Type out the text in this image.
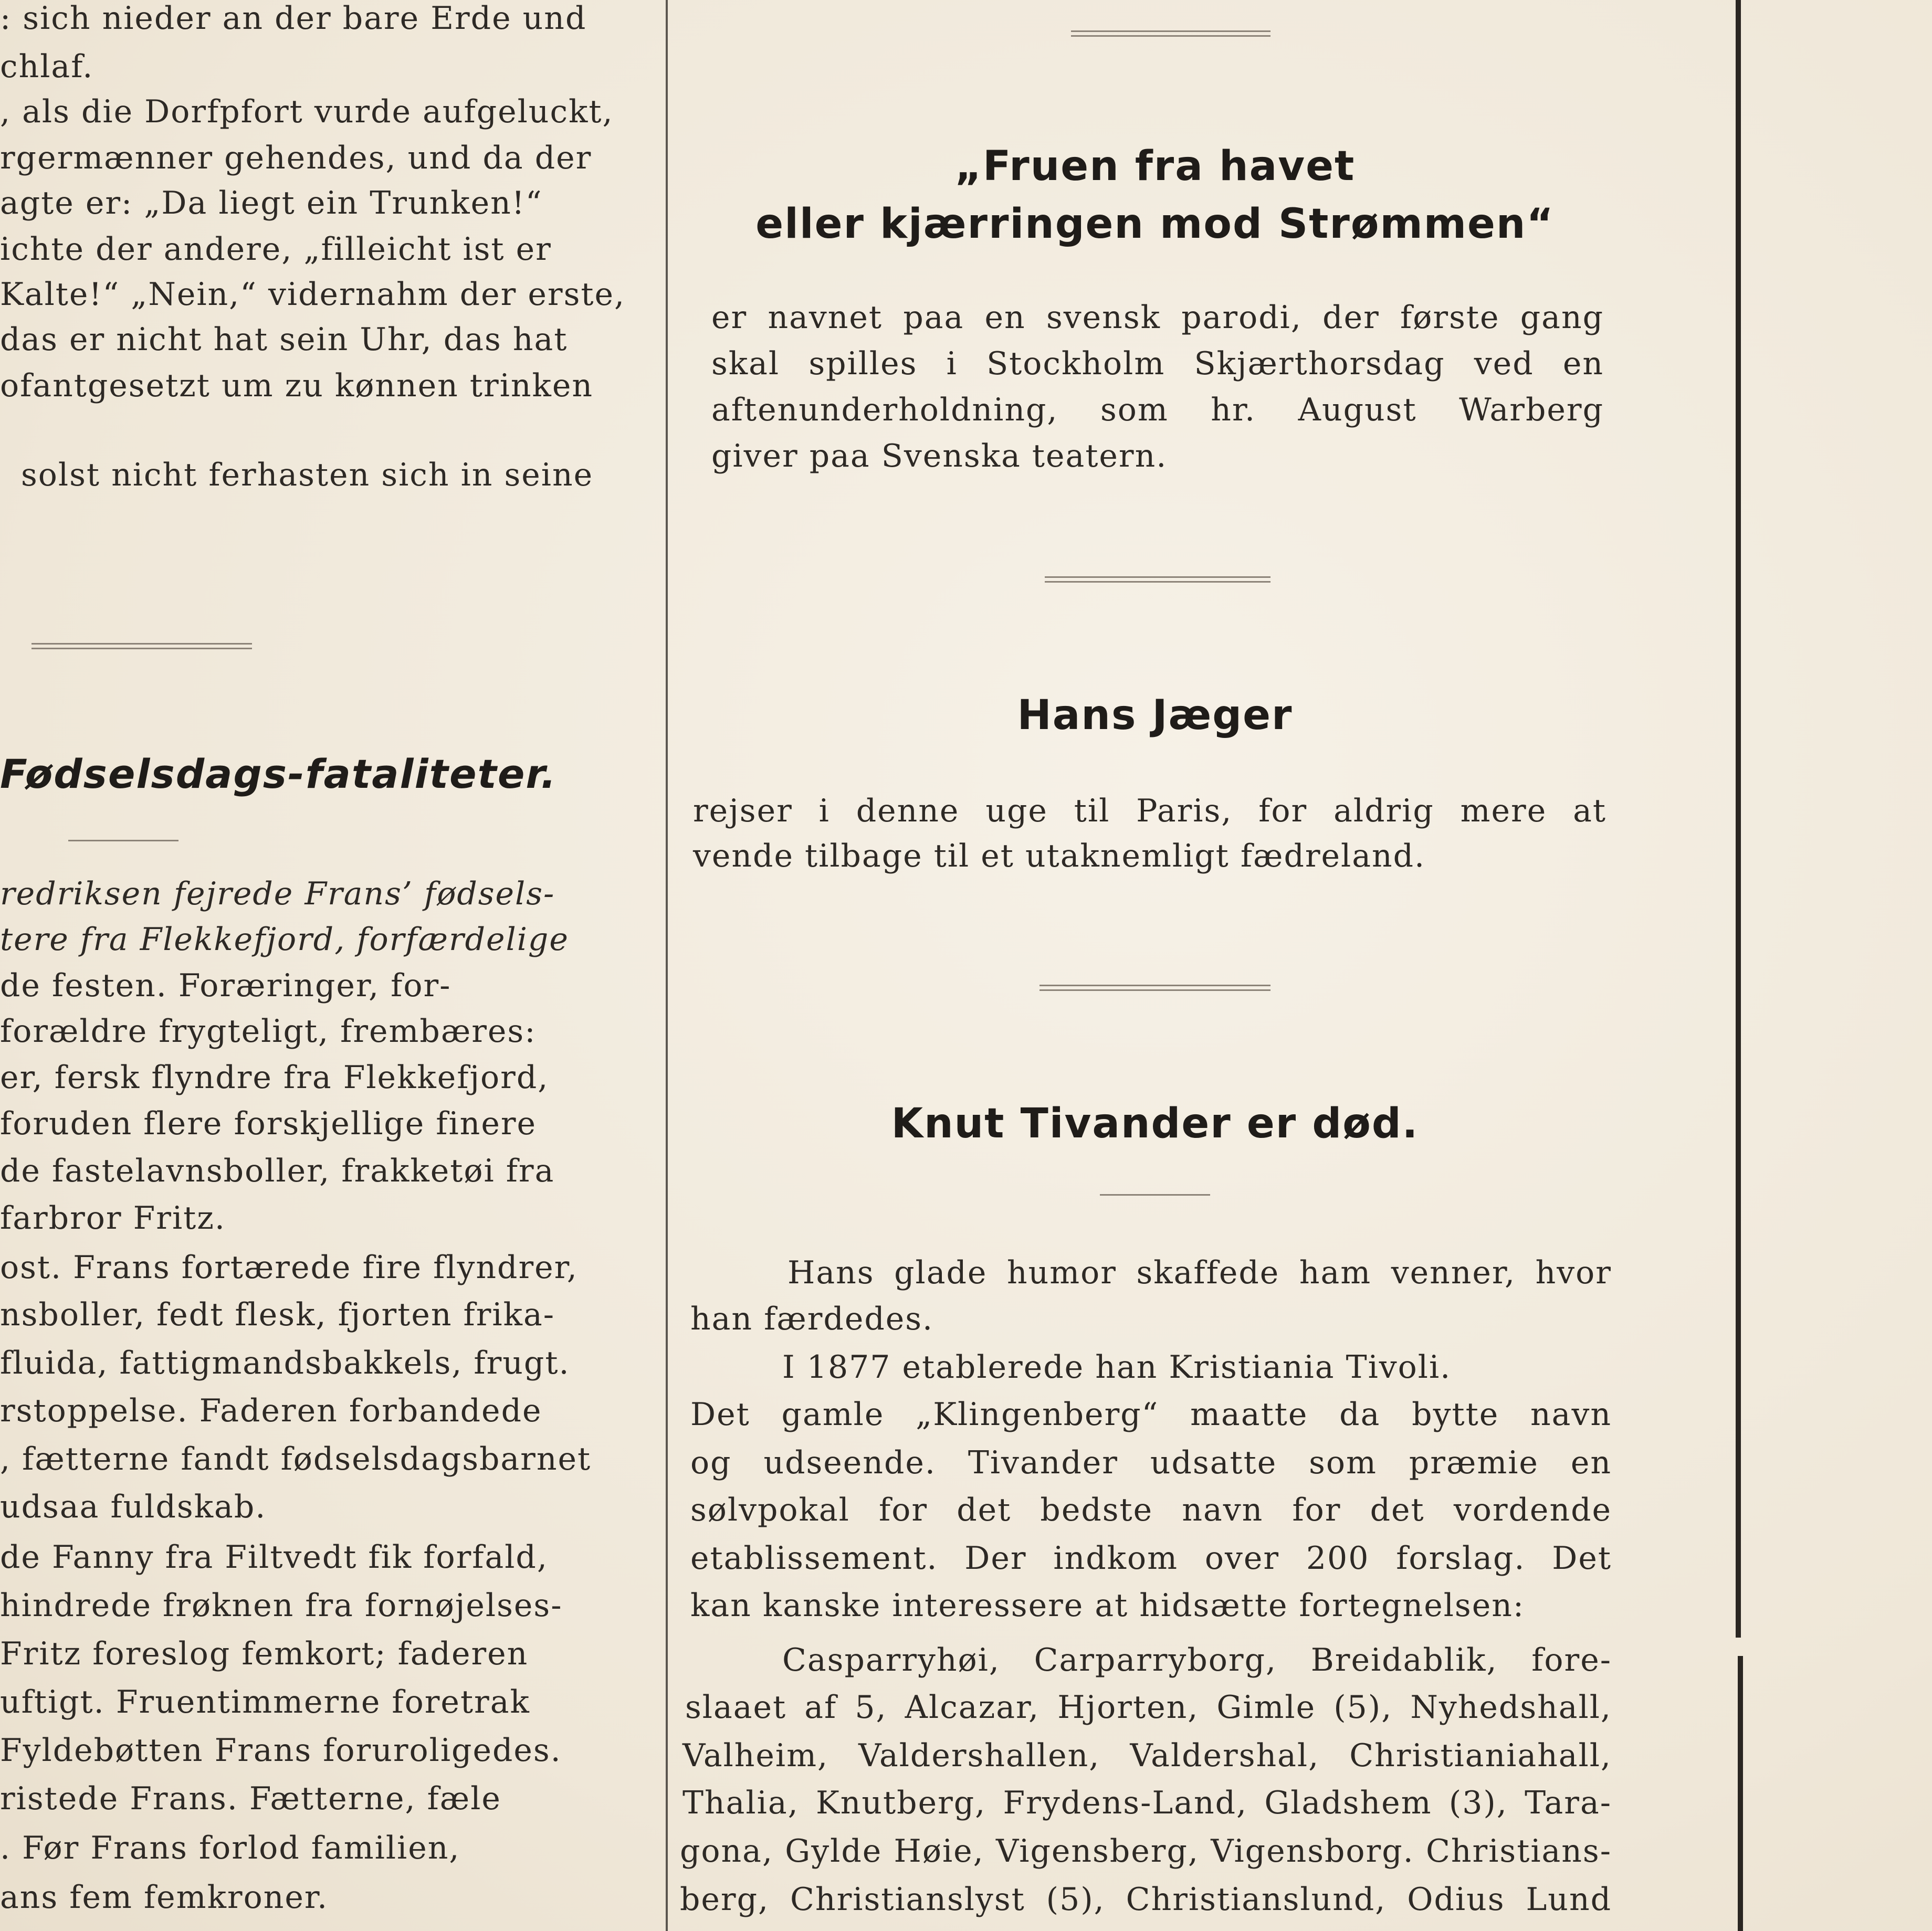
: sich nieder an der bare Erde und
chlaf.
, als die Dorfpfort vurde aufgeluckt,
rgermænner gehendes, und da der
agte er: „Da liegt ein Trunken!“
ichte der andere, „filleicht ist er
Kalte!“ „Nein,“ vidernahm der erste,
das er nicht hat sein Uhr, das hat
ofantgesetzt um zu kønnen trinken
solst nicht ferhasten sich in seine
Fødselsdags-fataliteter.
redriksen fejrede Frans’ fødsels-
tere fra Flekkefjord, forfærdelige
de festen. Foræringer, for-
forældre frygteligt, frembæres:
er, fersk flyndre fra Flekkefjord,
foruden flere forskjellige finere
de fastelavnsboller, frakketøi fra
farbror Fritz.
ost. Frans fortærede fire flyndrer,
nsboller, fedt flesk, fjorten frika-
fluida, fattigmandsbakkels, frugt.
rstoppelse. Faderen forbandede
, fætterne fandt fødselsdagsbarnet
udsaa fuldskab.
de Fanny fra Filtvedt fik forfald,
hindrede frøknen fra fornøjelses-
Fritz foreslog femkort; faderen
uftigt. Fruentimmerne foretrak
Fyldebøtten Frans foruroligedes.
ristede Frans. Fætterne, fæle
. Før Frans forlod familien,
ans fem femkroner.
„Fruen fra havet
eller kjærringen mod Strømmen“
er navnet paa en svensk parodi, der første gang
skal spilles i Stockholm Skjærthorsdag ved en
aftenunderholdning, som hr. August Warberg
giver paa Svenska teatern.
Hans Jæger
rejser i denne uge til Paris, for aldrig mere at
vende tilbage til et utaknemligt fædreland.
Knut Tivander er død.
Hans glade humor skaffede ham venner, hvor
han færdedes.
I 1877 etablerede han Kristiania Tivoli.
Det gamle „Klingenberg“ maatte da bytte navn
og udseende. Tivander udsatte som præmie en
sølvpokal for det bedste navn for det vordende
etablissement. Der indkom over 200 forslag. Det
kan kanske interessere at hidsætte fortegnelsen:
Casparryhøi, Carparryborg, Breidablik, fore-
slaaet af 5, Alcazar, Hjorten, Gimle (5), Nyhedshall,
Valheim, Valdershallen, Valdershal, Christianiahall,
Thalia, Knutberg, Frydens-Land, Gladshem (3), Tara-
gona, Gylde Høie, Vigensberg, Vigensborg. Christians-
berg, Christianslyst (5), Christianslund, Odius Lund
